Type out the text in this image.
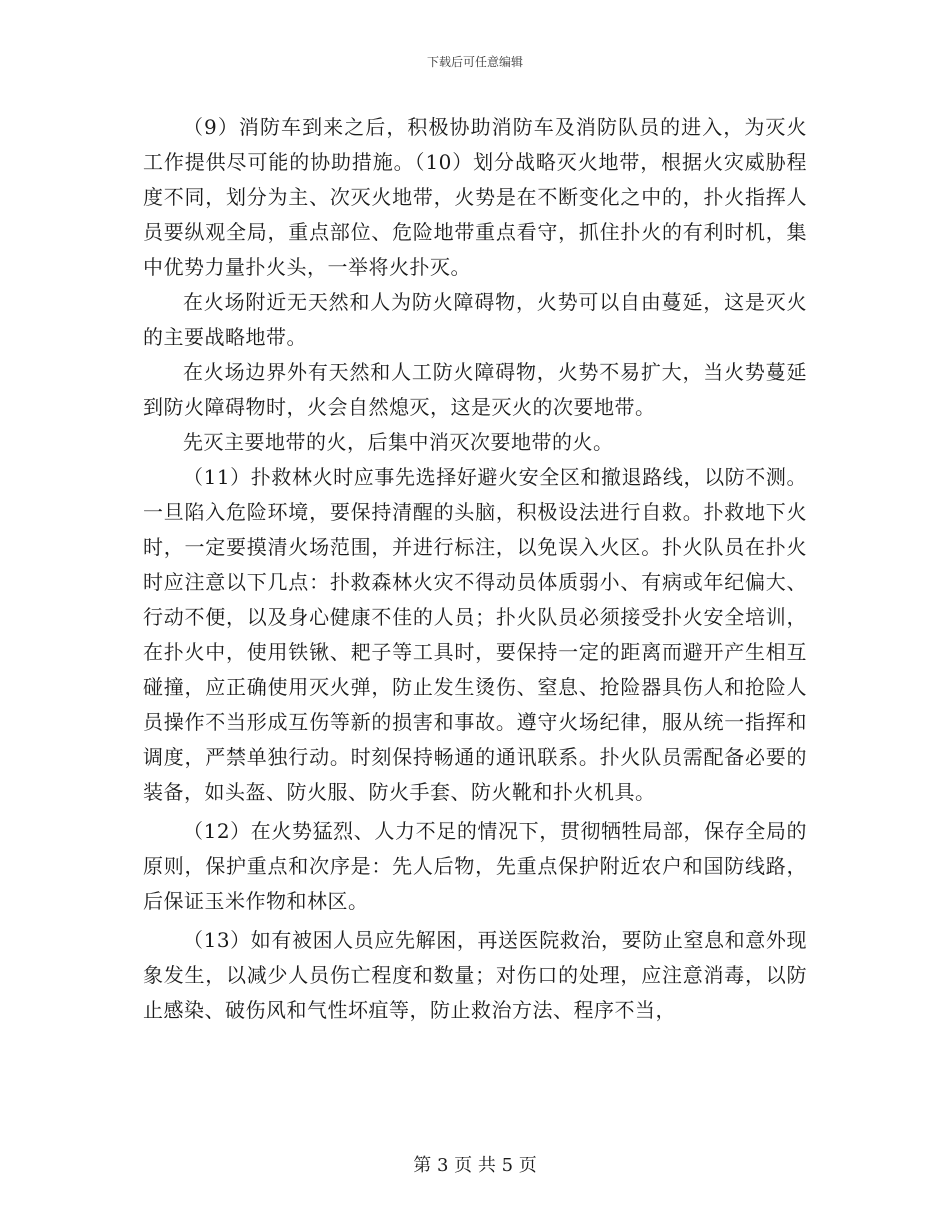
下载后可任意编辑

（9）消防车到来之后，积极协助消防车及消防队员的进入，为灭火工作提供尽可能的协助措施。（10）划分战略灭火地带，根据火灾威胁程度不同，划分为主、次灭火地带，火势是在不断变化之中的，扑火指挥人员要纵观全局，重点部位、危险地带重点看守，抓住扑火的有利时机，集中优势力量扑火头，一举将火扑灭。

在火场附近无天然和人为防火障碍物，火势可以自由蔓延，这是灭火的主要战略地带。

在火场边界外有天然和人工防火障碍物，火势不易扩大，当火势蔓延到防火障碍物时，火会自然熄灭，这是灭火的次要地带。

先灭主要地带的火，后集中消灭次要地带的火。

（11）扑救林火时应事先选择好避火安全区和撤退路线，以防不测。一旦陷入危险环境，要保持清醒的头脑，积极设法进行自救。扑救地下火时，一定要摸清火场范围，并进行标注，以免误入火区。扑火队员在扑火时应注意以下几点：扑救森林火灾不得动员体质弱小、有病或年纪偏大、行动不便，以及身心健康不佳的人员；扑火队员必须接受扑火安全培训，在扑火中，使用铁锹、耙子等工具时，要保持一定的距离而避开产生相互碰撞，应正确使用灭火弹，防止发生烫伤、窒息、抢险器具伤人和抢险人员操作不当形成互伤等新的损害和事故。遵守火场纪律，服从统一指挥和调度，严禁单独行动。时刻保持畅通的通讯联系。扑火队员需配备必要的装备，如头盔、防火服、防火手套、防火靴和扑火机具。

（12）在火势猛烈、人力不足的情况下，贯彻牺牲局部，保存全局的原则，保护重点和次序是：先人后物，先重点保护附近农户和国防线路，后保证玉米作物和林区。

（13）如有被困人员应先解困，再送医院救治，要防止窒息和意外现象发生，以减少人员伤亡程度和数量；对伤口的处理，应注意消毒，以防止感染、破伤风和气性坏疽等，防止救治方法、程序不当，

第 3 页 共 5 页
